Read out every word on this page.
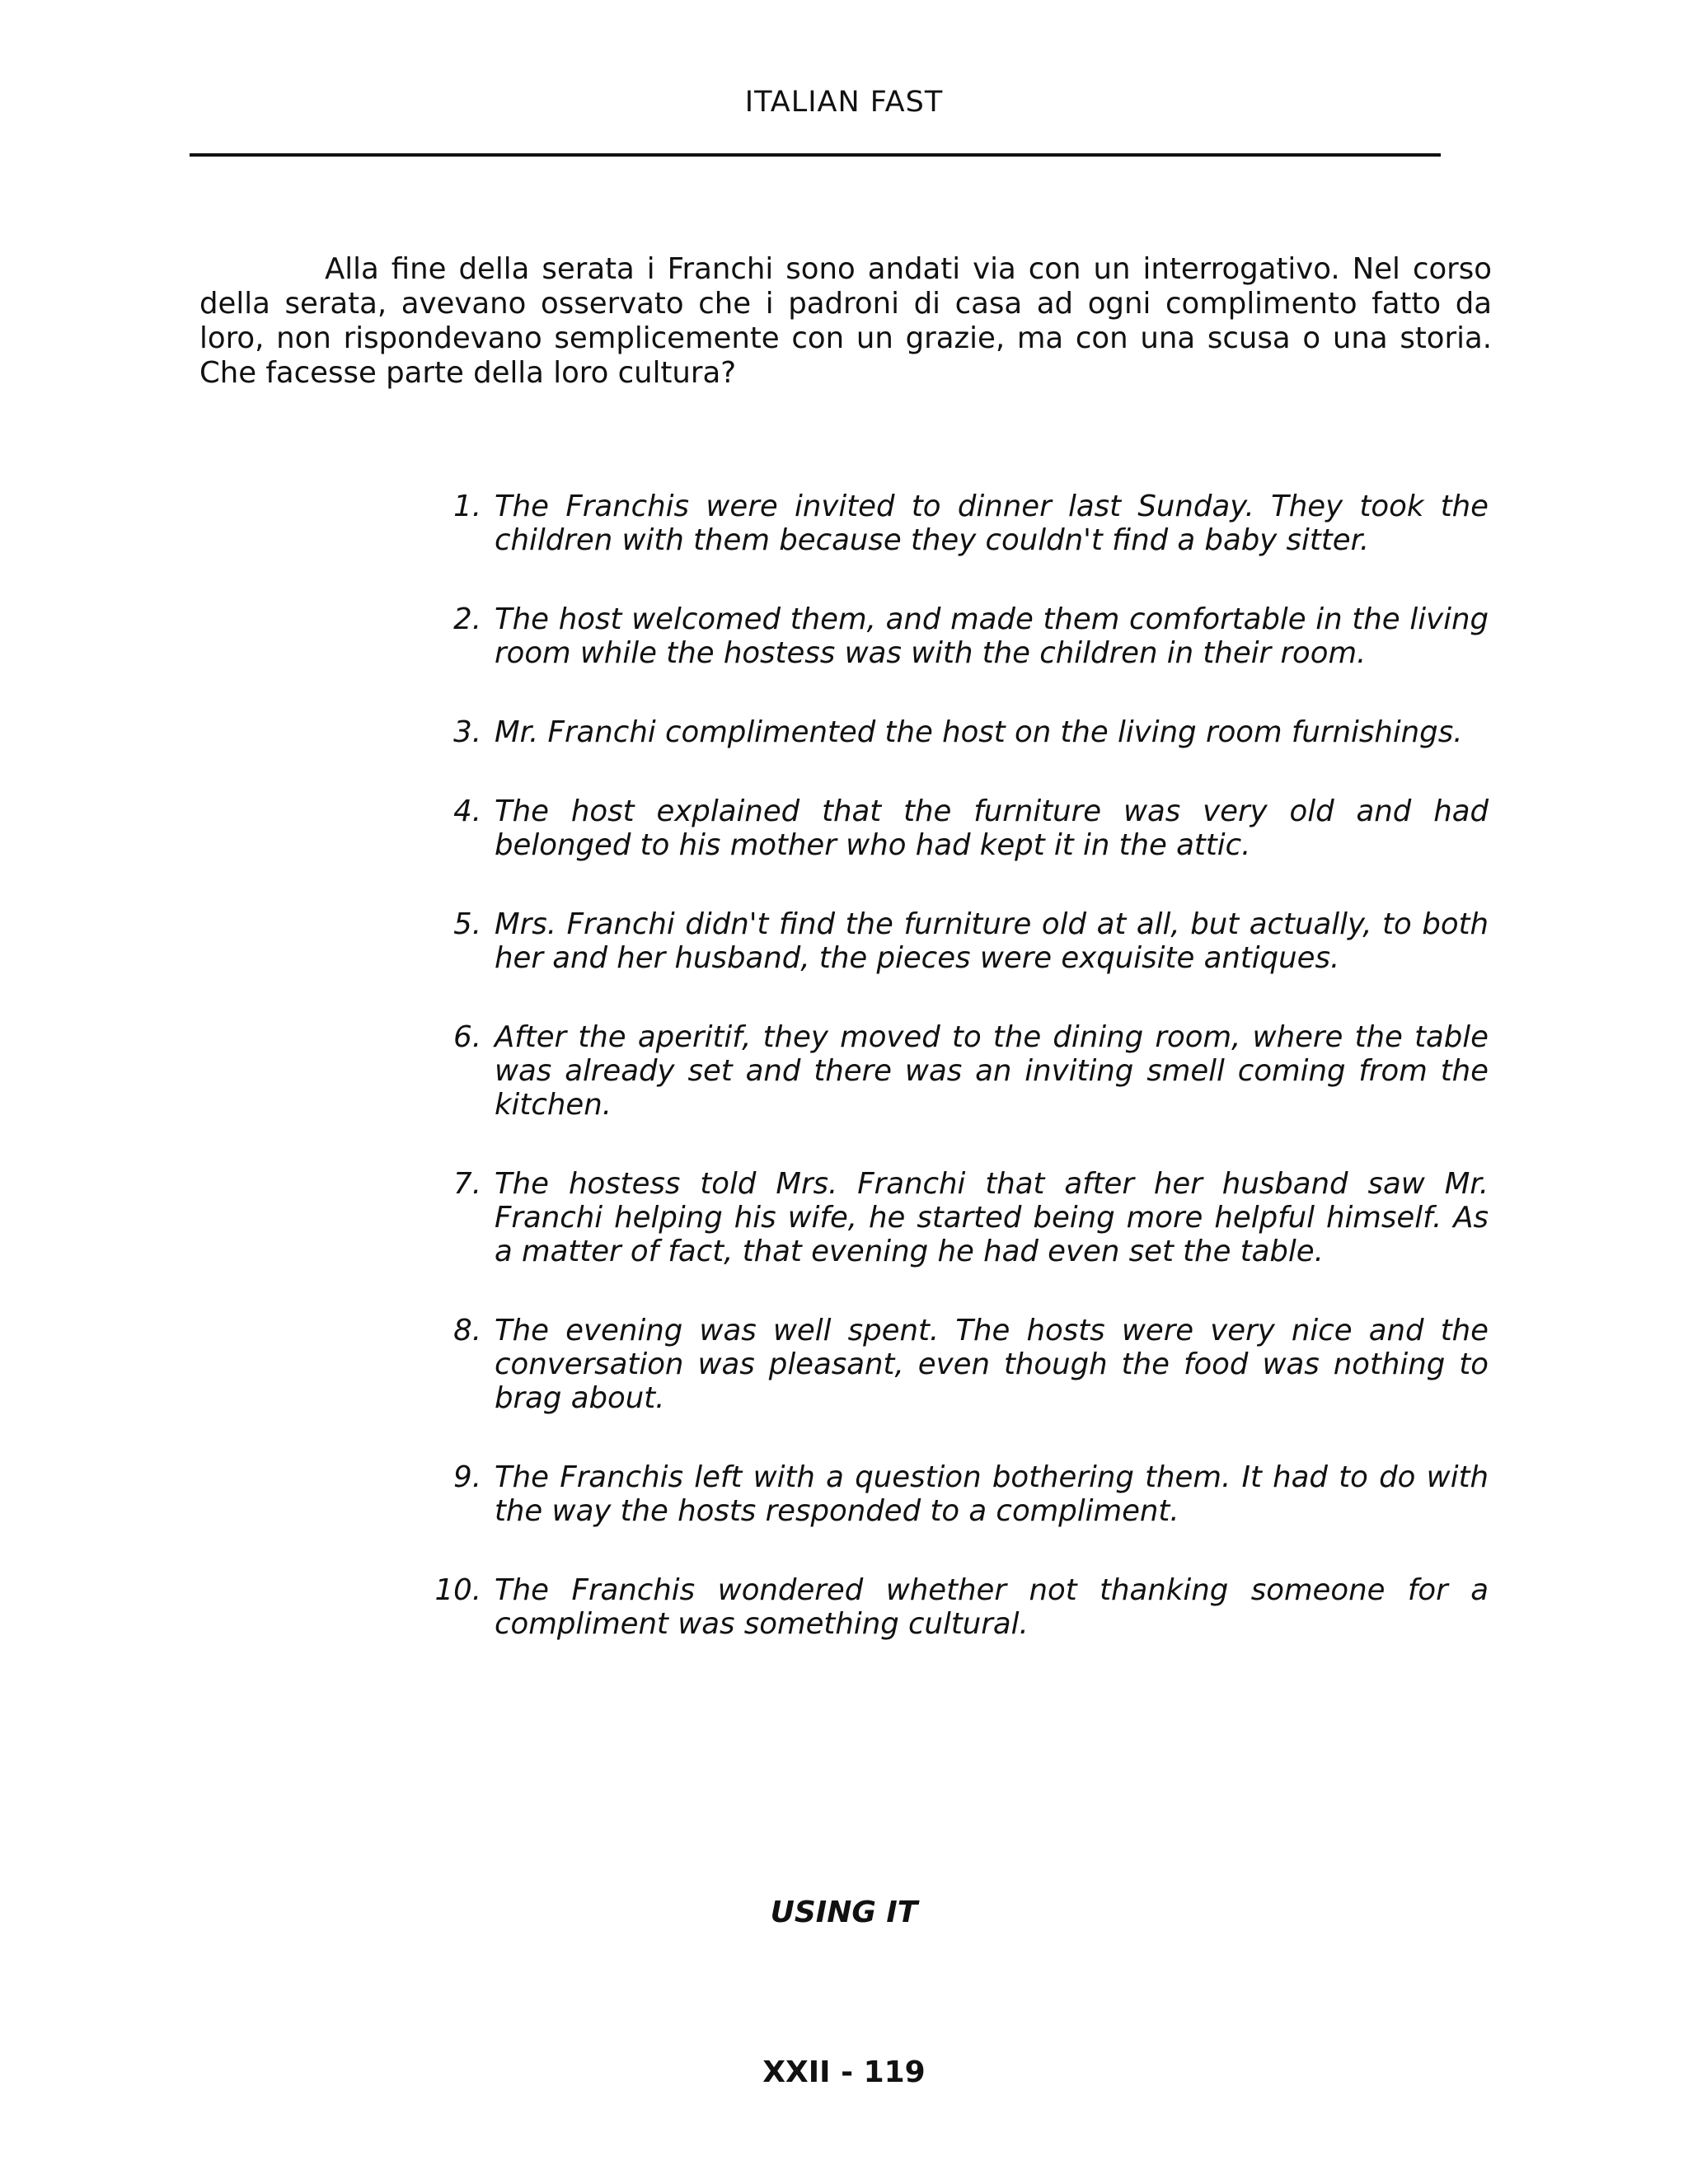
ITALIAN FAST

Alla fine della serata i Franchi sono andati via con un interrogativo. Nel corso della serata, avevano osservato che i padroni di casa ad ogni complimento fatto da loro, non rispondevano semplicemente con un grazie, ma con una scusa o una storia. Che facesse parte della loro cultura?

1. The Franchis were invited to dinner last Sunday. They took the children with them because they couldn't find a baby sitter.
2. The host welcomed them, and made them comfortable in the living room while the hostess was with the children in their room.
3. Mr. Franchi complimented the host on the living room furnishings.
4. The host explained that the furniture was very old and had belonged to his mother who had kept it in the attic.
5. Mrs. Franchi didn't find the furniture old at all, but actually, to both her and her husband, the pieces were exquisite antiques.
6. After the aperitif, they moved to the dining room, where the table was already set and there was an inviting smell coming from the kitchen.
7. The hostess told Mrs. Franchi that after her husband saw Mr. Franchi helping his wife, he started being more helpful himself. As a matter of fact, that evening he had even set the table.
8. The evening was well spent. The hosts were very nice and the conversation was pleasant, even though the food was nothing to brag about.
9. The Franchis left with a question bothering them. It had to do with the way the hosts responded to a compliment.
10. The Franchis wondered whether not thanking someone for a compliment was something cultural.
USING IT
XXII - 119
